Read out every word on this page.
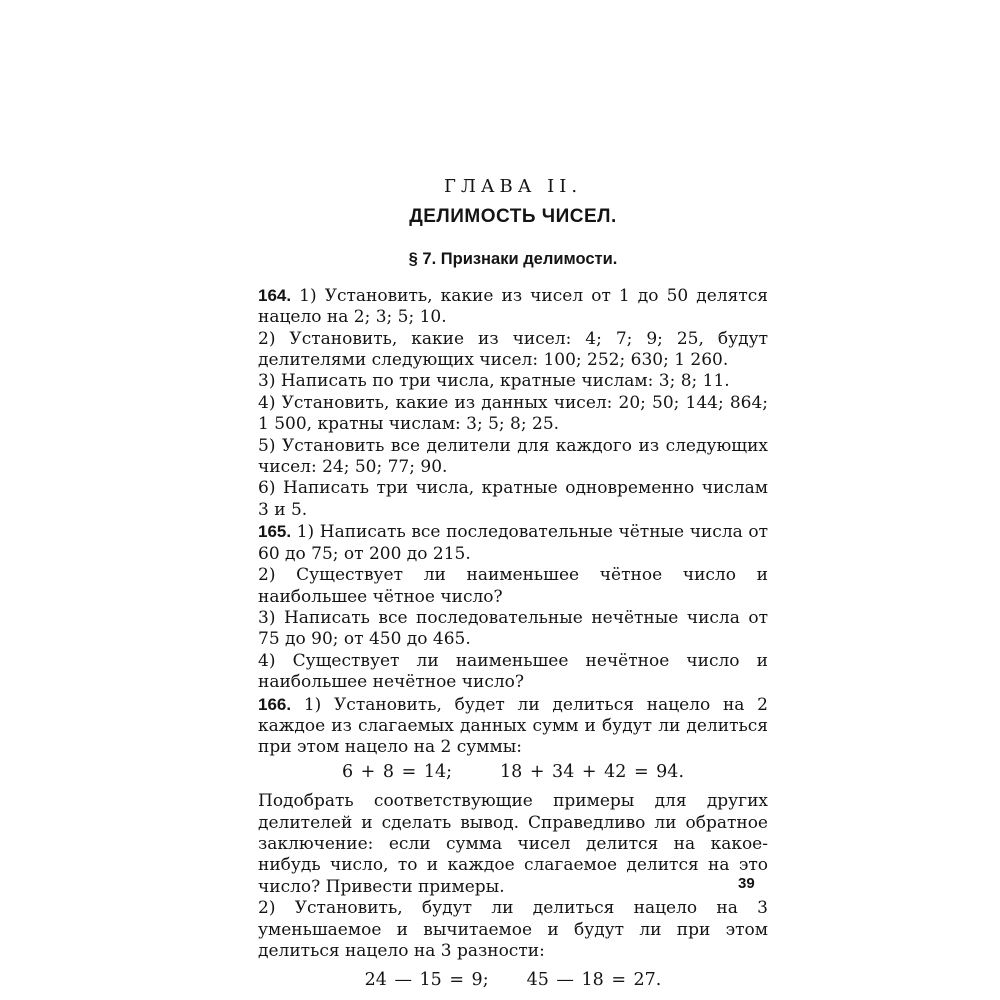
ГЛАВА II.

ДЕЛИМОСТЬ ЧИСЕЛ.

§ 7. Признаки делимости.

164. 1) Установить, какие из чисел от 1 до 50 делятся нацело на 2; 3; 5; 10.

2) Установить, какие из чисел: 4; 7; 9; 25, будут делителями следующих чисел: 100; 252; 630; 1 260.

3) Написать по три числа, кратные числам: 3; 8; 11.

4) Установить, какие из данных чисел: 20; 50; 144; 864; 1 500, кратны числам: 3; 5; 8; 25.

5) Установить все делители для каждого из следующих чисел: 24; 50; 77; 90.

6) Написать три числа, кратные одновременно числам 3 и 5.

165. 1) Написать все последовательные чётные числа от 60 до 75; от 200 до 215.

2) Существует ли наименьшее чётное число и наибольшее чётное число?

3) Написать все последовательные нечётные числа от 75 до 90; от 450 до 465.

4) Существует ли наименьшее нечётное число и наибольшее нечётное число?

166. 1) Установить, будет ли делиться нацело на 2 каждое из слагаемых данных сумм и будут ли делиться при этом нацело на 2 суммы:

6 + 8 = 14;	18 + 34 + 42 = 94.

Подобрать соответствующие примеры для других делителей и сделать вывод. Справедливо ли обратное заключение: если сумма чисел делится на какое-нибудь число, то и каждое слагаемое делится на это число? Привести примеры.

2) Установить, будут ли делиться нацело на 3 уменьшаемое и вычитаемое и будут ли при этом делиться нацело на 3 разности:

24 — 15 = 9; 45 — 18 = 27.

39
